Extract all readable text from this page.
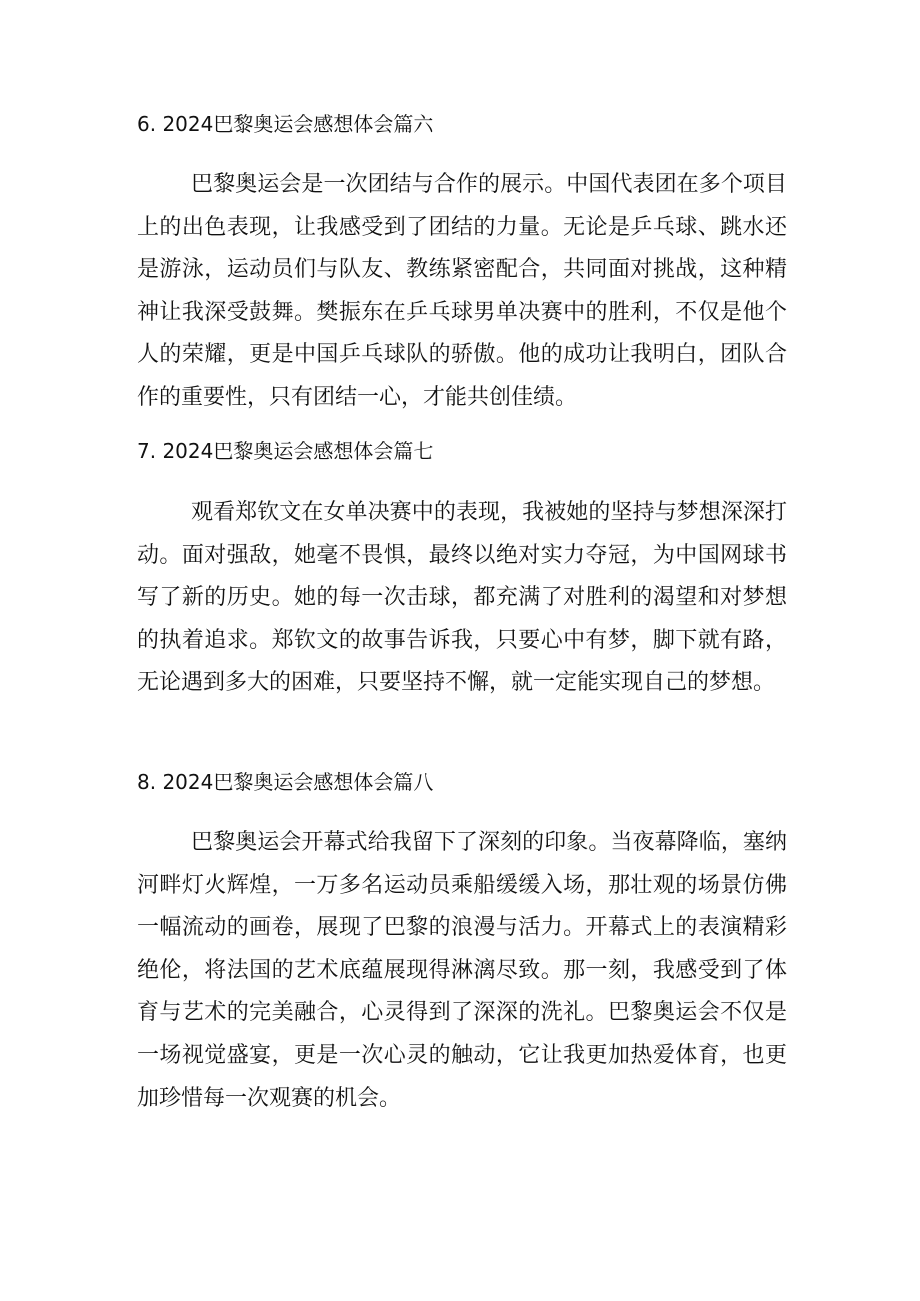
6. 2024巴黎奥运会感想体会篇六

巴黎奥运会是一次团结与合作的展示。中国代表团在多个项目上的出色表现，让我感受到了团结的力量。无论是乒乓球、跳水还是游泳，运动员们与队友、教练紧密配合，共同面对挑战，这种精神让我深受鼓舞。樊振东在乒乓球男单决赛中的胜利，不仅是他个人的荣耀，更是中国乒乓球队的骄傲。他的成功让我明白，团队合作的重要性，只有团结一心，才能共创佳绩。

7. 2024巴黎奥运会感想体会篇七

观看郑钦文在女单决赛中的表现，我被她的坚持与梦想深深打动。面对强敌，她毫不畏惧，最终以绝对实力夺冠，为中国网球书写了新的历史。她的每一次击球，都充满了对胜利的渴望和对梦想的执着追求。郑钦文的故事告诉我，只要心中有梦，脚下就有路，无论遇到多大的困难，只要坚持不懈，就一定能实现自己的梦想。

8. 2024巴黎奥运会感想体会篇八

巴黎奥运会开幕式给我留下了深刻的印象。当夜幕降临，塞纳河畔灯火辉煌，一万多名运动员乘船缓缓入场，那壮观的场景仿佛一幅流动的画卷，展现了巴黎的浪漫与活力。开幕式上的表演精彩绝伦，将法国的艺术底蕴展现得淋漓尽致。那一刻，我感受到了体育与艺术的完美融合，心灵得到了深深的洗礼。巴黎奥运会不仅是一场视觉盛宴，更是一次心灵的触动，它让我更加热爱体育，也更加珍惜每一次观赛的机会。
